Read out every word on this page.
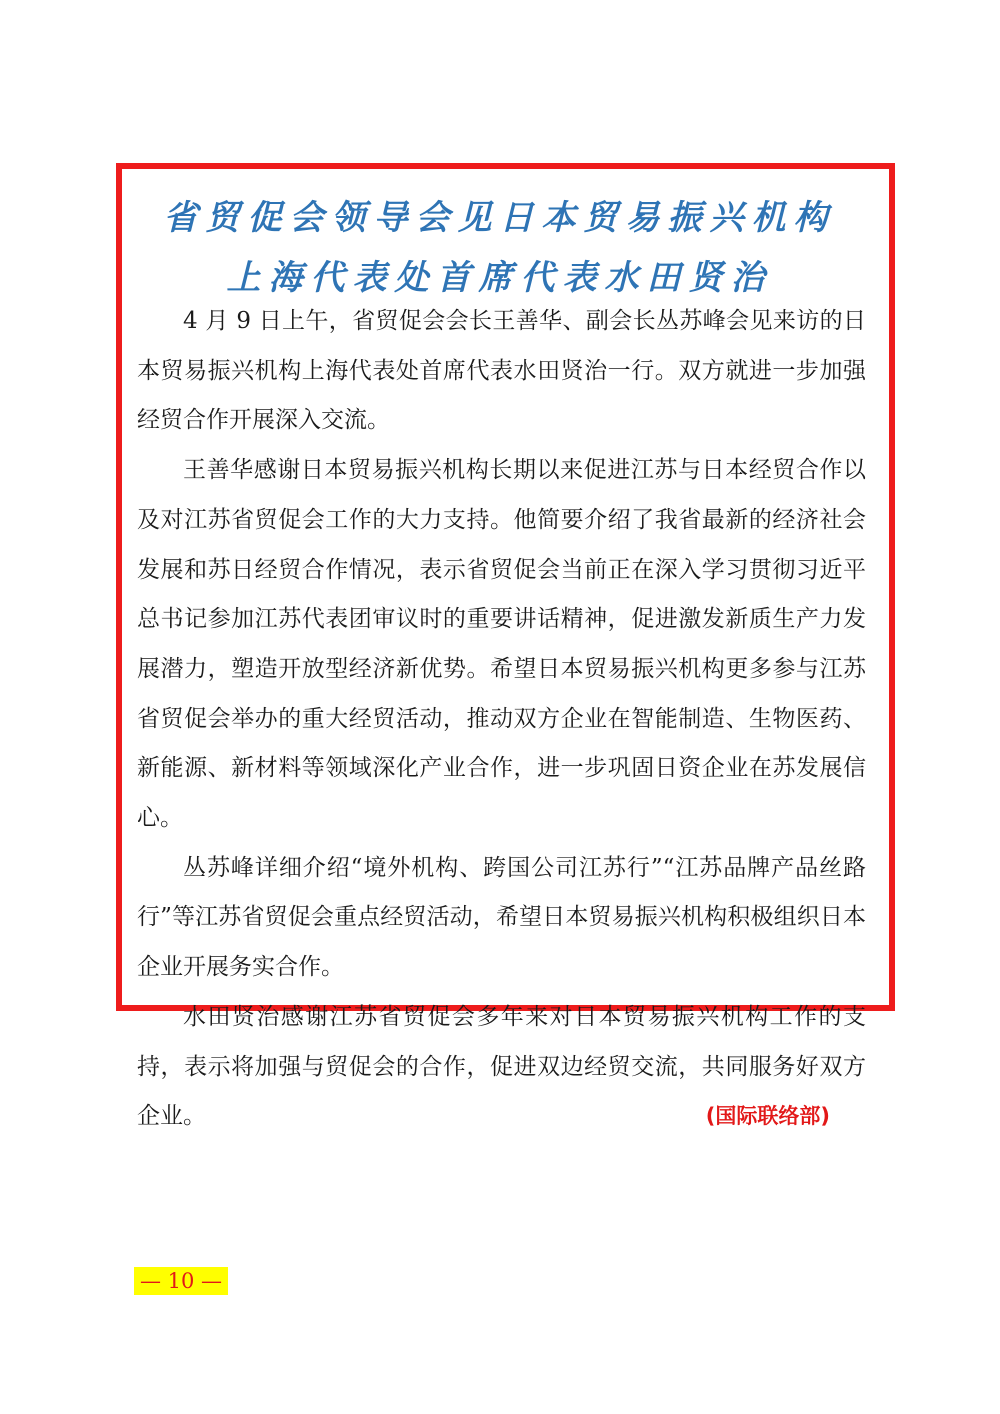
省贸促会领导会见日本贸易振兴机构
上海代表处首席代表水田贤治

4 月 9 日上午，省贸促会会长王善华、副会长丛苏峰会见来访的日本贸易振兴机构上海代表处首席代表水田贤治一行。双方就进一步加强经贸合作开展深入交流。

王善华感谢日本贸易振兴机构长期以来促进江苏与日本经贸合作以及对江苏省贸促会工作的大力支持。他简要介绍了我省最新的经济社会发展和苏日经贸合作情况，表示省贸促会当前正在深入学习贯彻习近平总书记参加江苏代表团审议时的重要讲话精神，促进激发新质生产力发展潜力，塑造开放型经济新优势。希望日本贸易振兴机构更多参与江苏省贸促会举办的重大经贸活动，推动双方企业在智能制造、生物医药、新能源、新材料等领域深化产业合作，进一步巩固日资企业在苏发展信心。

丛苏峰详细介绍“境外机构、跨国公司江苏行”“江苏品牌产品丝路行”等江苏省贸促会重点经贸活动，希望日本贸易振兴机构积极组织日本企业开展务实合作。

水田贤治感谢江苏省贸促会多年来对日本贸易振兴机构工作的支持，表示将加强与贸促会的合作，促进双边经贸交流，共同服务好双方企业。	(国际联络部)

— 10 —
